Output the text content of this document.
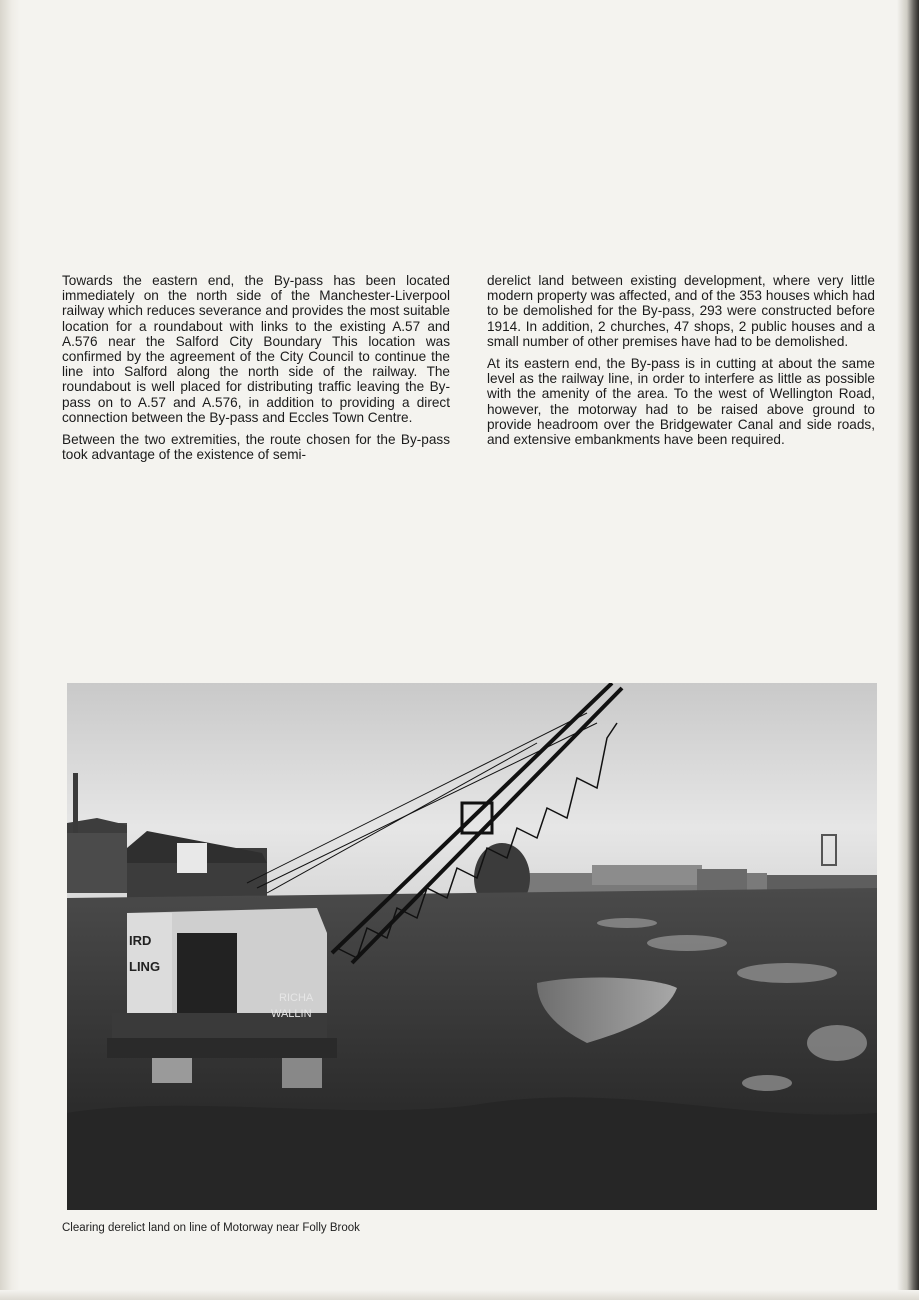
Towards the eastern end, the By-pass has been located immediately on the north side of the Manchester-Liverpool railway which reduces severance and provides the most suitable location for a roundabout with links to the existing A.57 and A.576 near the Salford City Boundary This location was confirmed by the agreement of the City Council to continue the line into Salford along the north side of the railway. The roundabout is well placed for distributing traffic leaving the By-pass on to A.57 and A.576, in addition to providing a direct connection between the By-pass and Eccles Town Centre.

Between the two extremities, the route chosen for the By-pass took advantage of the existence of semi-

derelict land between existing development, where very little modern property was affected, and of the 353 houses which had to be demolished for the By-pass, 293 were constructed before 1914. In addition, 2 churches, 47 shops, 2 public houses and a small number of other premises have had to be demolished.

At its eastern end, the By-pass is in cutting at about the same level as the railway line, in order to interfere as little as possible with the amenity of the area. To the west of Wellington Road, however, the motorway had to be raised above ground to provide headroom over the Bridgewater Canal and side roads, and extensive embankments have been required.

IRD
LING
RICHA
WALLIN
Clearing derelict land on line of Motorway near Folly Brook
